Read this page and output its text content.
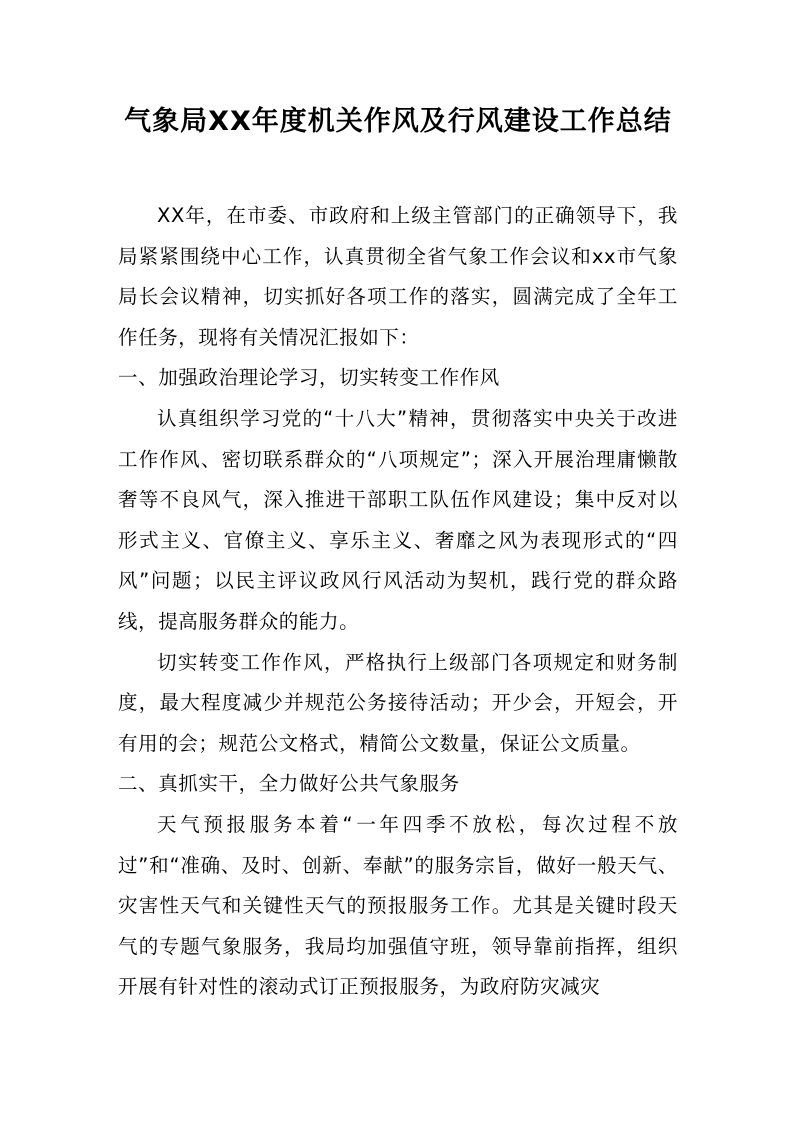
气象局XX年度机关作风及行风建设工作总结

XX年，在市委、市政府和上级主管部门的正确领导下，我局紧紧围绕中心工作，认真贯彻全省气象工作会议和xx市气象局长会议精神，切实抓好各项工作的落实，圆满完成了全年工作任务，现将有关情况汇报如下：

一、加强政治理论学习，切实转变工作作风

认真组织学习党的“十八大”精神，贯彻落实中央关于改进工作作风、密切联系群众的“八项规定”；深入开展治理庸懒散奢等不良风气，深入推进干部职工队伍作风建设；集中反对以形式主义、官僚主义、享乐主义、奢靡之风为表现形式的“四风”问题；以民主评议政风行风活动为契机，践行党的群众路线，提高服务群众的能力。

切实转变工作作风，严格执行上级部门各项规定和财务制度，最大程度减少并规范公务接待活动；开少会，开短会，开有用的会；规范公文格式，精简公文数量，保证公文质量。

二、真抓实干，全力做好公共气象服务

天气预报服务本着“一年四季不放松，每次过程不放过”和“准确、及时、创新、奉献”的服务宗旨，做好一般天气、灾害性天气和关键性天气的预报服务工作。尤其是关键时段天气的专题气象服务，我局均加强值守班，领导靠前指挥，组织开展有针对性的滚动式订正预报服务，为政府防灾减灾
